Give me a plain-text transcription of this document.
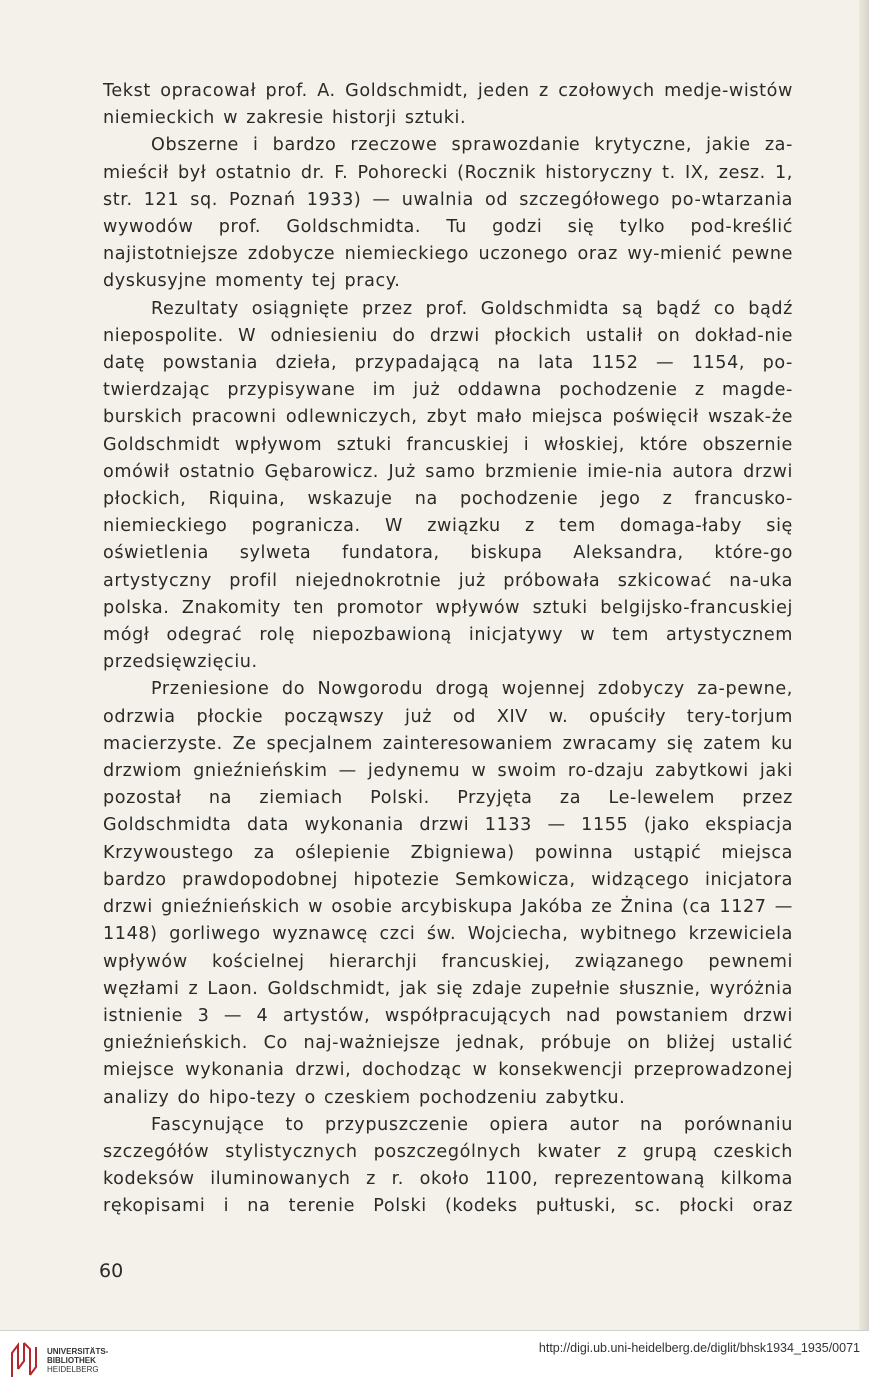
Tekst opracował prof. A. Goldschmidt, jeden z czołowych medje-wistów niemieckich w zakresie historji sztuki.

Obszerne i bardzo rzeczowe sprawozdanie krytyczne, jakie za-mieścił był ostatnio dr. F. Pohorecki (Rocznik historyczny t. IX, zesz. 1, str. 121 sq. Poznań 1933) — uwalnia od szczegółowego po-wtarzania wywodów prof. Goldschmidta. Tu godzi się tylko pod-kreślić najistotniejsze zdobycze niemieckiego uczonego oraz wy-mienić pewne dyskusyjne momenty tej pracy.

Rezultaty osiągnięte przez prof. Goldschmidta są bądź co bądź niepospolite. W odniesieniu do drzwi płockich ustalił on dokład-nie datę powstania dzieła, przypadającą na lata 1152 — 1154, po-twierdzając przypisywane im już oddawna pochodzenie z magde-burskich pracowni odlewniczych, zbyt mało miejsca poświęcił wszak-że Goldschmidt wpływom sztuki francuskiej i włoskiej, które obszernie omówił ostatnio Gębarowicz. Już samo brzmienie imie-nia autora drzwi płockich, Riquina, wskazuje na pochodzenie jego z francusko-niemieckiego pogranicza. W związku z tem domaga-łaby się oświetlenia sylweta fundatora, biskupa Aleksandra, które-go artystyczny profil niejednokrotnie już próbowała szkicować na-uka polska. Znakomity ten promotor wpływów sztuki belgijsko-francuskiej mógł odegrać rolę niepozbawioną inicjatywy w tem artystycznem przedsięwzięciu.

Przeniesione do Nowgorodu drogą wojennej zdobyczy za-pewne, odrzwia płockie począwszy już od XIV w. opuściły tery-torjum macierzyste. Ze specjalnem zainteresowaniem zwracamy się zatem ku drzwiom gnieźnieńskim — jedynemu w swoim ro-dzaju zabytkowi jaki pozostał na ziemiach Polski. Przyjęta za Le-lewelem przez Goldschmidta data wykonania drzwi 1133 — 1155 (jako ekspiacja Krzywoustego za oślepienie Zbigniewa) powinna ustąpić miejsca bardzo prawdopodobnej hipotezie Semkowicza, widzącego inicjatora drzwi gnieźnieńskich w osobie arcybiskupa Jakóba ze Żnina (ca 1127 — 1148) gorliwego wyznawcę czci św. Wojciecha, wybitnego krzewiciela wpływów kościelnej hierarchji francuskiej, związanego pewnemi węzłami z Laon. Goldschmidt, jak się zdaje zupełnie słusznie, wyróżnia istnienie 3 — 4 artystów, współpracujących nad powstaniem drzwi gnieźnieńskich. Co naj-ważniejsze jednak, próbuje on bliżej ustalić miejsce wykonania drzwi, dochodząc w konsekwencji przeprowadzonej analizy do hipo-tezy o czeskiem pochodzeniu zabytku.

Fascynujące to przypuszczenie opiera autor na porównaniu szczegółów stylistycznych poszczególnych kwater z grupą czeskich kodeksów iluminowanych z r. około 1100, reprezentowaną kilkoma rękopisami i na terenie Polski (kodeks pułtuski, sc. płocki oraz

60
UNIVERSITÄTS-
BIBLIOTHEK
HEIDELBERG
http://digi.ub.uni-heidelberg.de/diglit/bhsk1934_1935/0071
